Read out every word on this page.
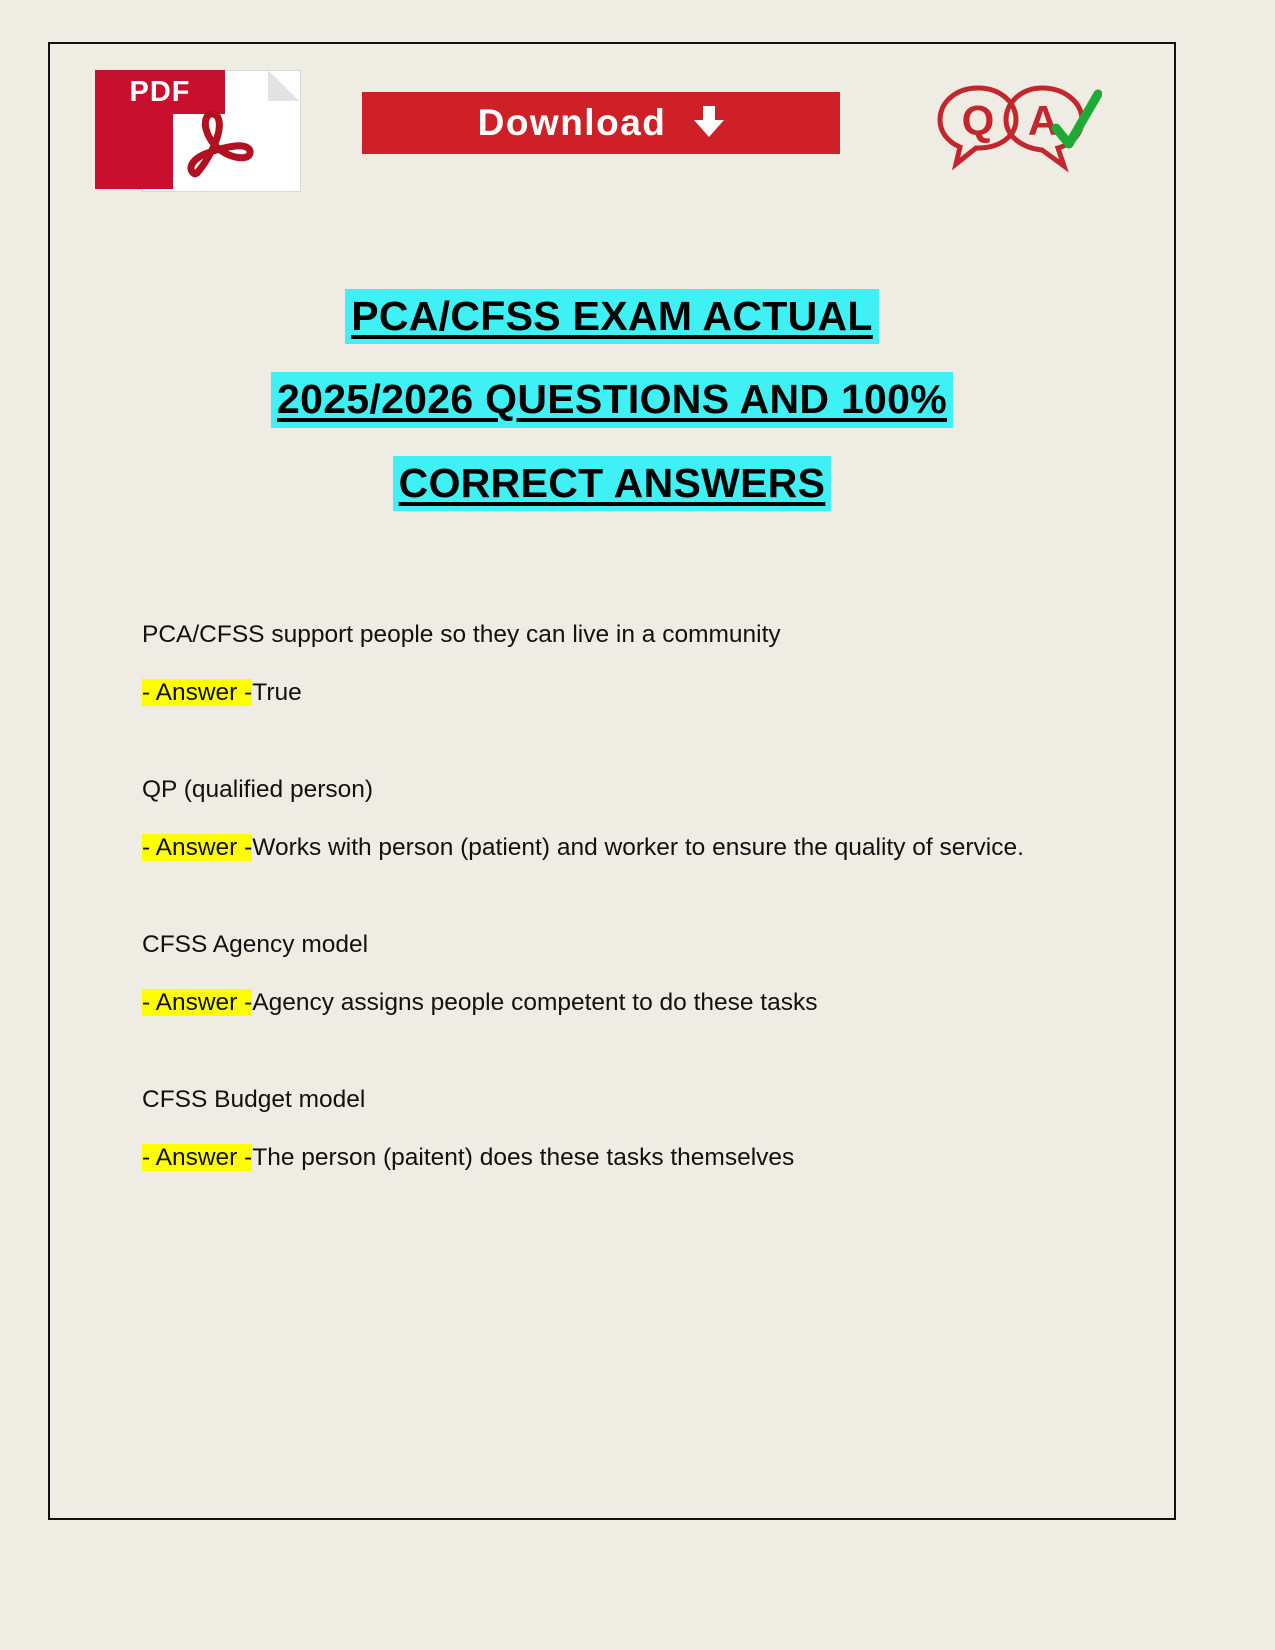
PDF
Download	Q A
PCA/CFSS EXAM ACTUAL
2025/2026 QUESTIONS AND 100%
CORRECT ANSWERS
PCA/CFSS support people so they can live in a community
- Answer -True
QP (qualified person)
- Answer -Works with person (patient) and worker to ensure the quality of service.
CFSS Agency model
- Answer -Agency assigns people competent to do these tasks
CFSS Budget model
- Answer -The person (paitent) does these tasks themselves
